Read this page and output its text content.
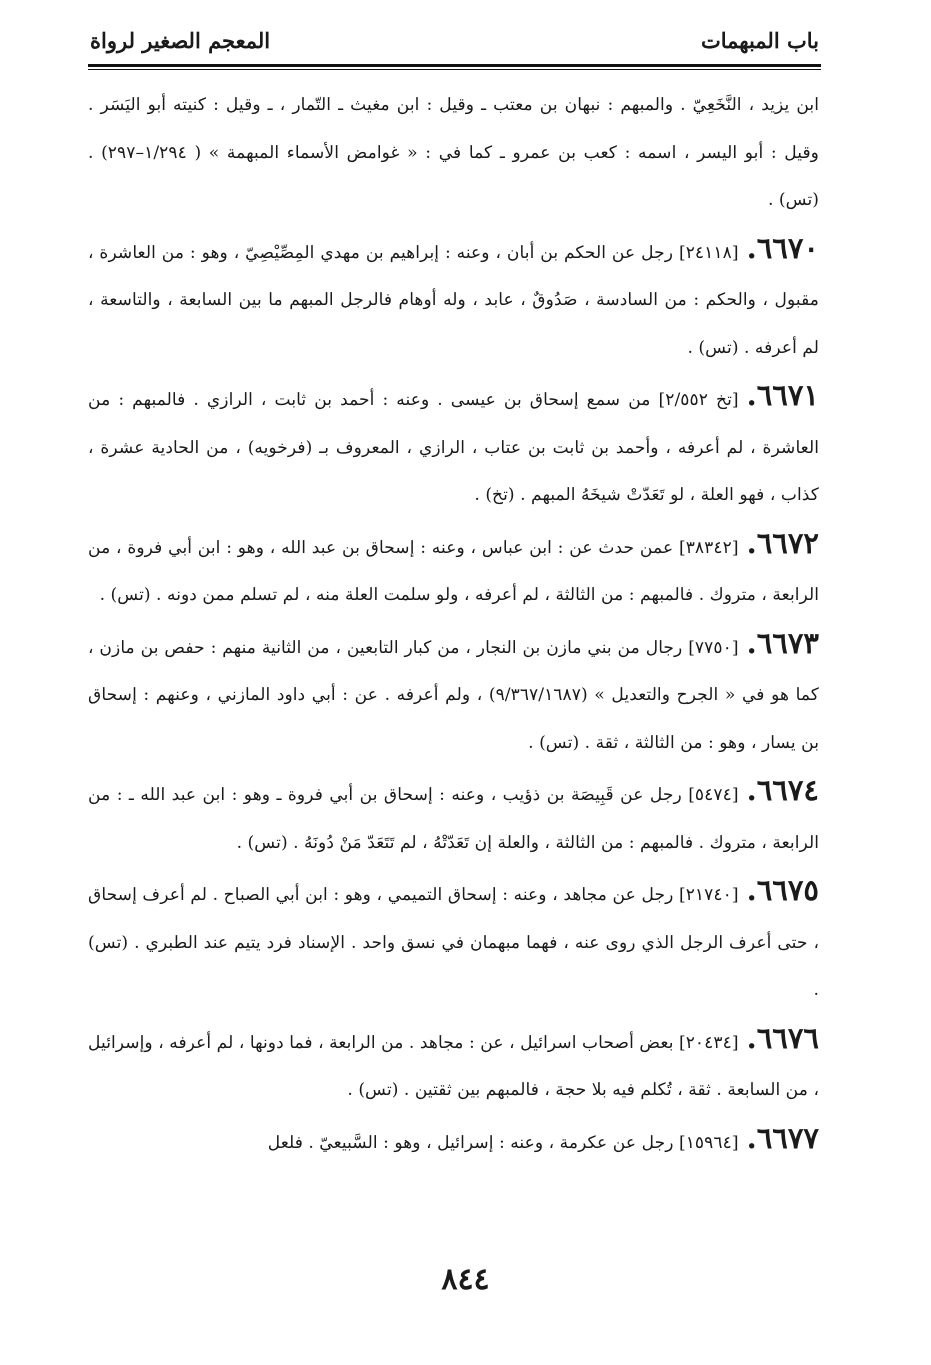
باب المبهمات
المعجم الصغير لرواة

ابن يزيد ، النَّخَعِيّ . والمبهم : نبهان بن معتب ـ وقيل : ابن مغيث ـ التّمار ، ـ وقيل : كنيته أبو اليَسَر . وقيل : أبو اليسر ، اسمه : كعب بن عمرو ـ كما في : « غوامض الأسماء المبهمة » ( ١/٢٩٤–٢٩٧) . (تس) .

٦٦٧٠.[٢٤١١٨] رجل عن الحكم بن أبان ، وعنه : إبراهيم بن مهدي المِصِّيْصِيّ ، وهو : من العاشرة ، مقبول ، والحكم : من السادسة ، صَدُوقٌ ، عابد ، وله أوهام فالرجل المبهم ما بين السابعة ، والتاسعة ، لم أعرفه . (تس) .

٦٦٧١.[تخ ٢/٥٥٢] من سمع إسحاق بن عيسى . وعنه : أحمد بن ثابت ، الرازي . فالمبهم : من العاشرة ، لم أعرفه ، وأحمد بن ثابت بن عتاب ، الرازي ، المعروف بـ (فرخويه) ، من الحادية عشرة ، كذاب ، فهو العلة ، لو تَعَدّتْ شيخَهُ المبهم . (تخ) .

٦٦٧٢.[٣٨٣٤٢] عمن حدث عن : ابن عباس ، وعنه : إسحاق بن عبد الله ، وهو : ابن أبي فروة ، من الرابعة ، متروك . فالمبهم : من الثالثة ، لم أعرفه ، ولو سلمت العلة منه ، لم تسلم ممن دونه . (تس) .

٦٦٧٣.[٧٧٥٠] رجال من بني مازن بن النجار ، من كبار التابعين ، من الثانية منهم : حفص بن مازن ، كما هو في « الجرح والتعديل » (٩/٣٦٧/١٦٨٧) ، ولم أعرفه . عن : أبي داود المازني ، وعنهم : إسحاق بن يسار ، وهو : من الثالثة ، ثقة . (تس) .

٦٦٧٤.[٥٤٧٤] رجل عن قَبِيصَة بن ذؤيب ، وعنه : إسحاق بن أبي فروة ـ وهو : ابن عبد الله ـ : من الرابعة ، متروك . فالمبهم : من الثالثة ، والعلة إن تَعَدّتْهُ ، لم تَتَعَدّ مَنْ دُونَهُ . (تس) .

٦٦٧٥.[٢١٧٤٠] رجل عن مجاهد ، وعنه : إسحاق التميمي ، وهو : ابن أبي الصباح . لم أعرف إسحاق ، حتى أعرف الرجل الذي روى عنه ، فهما مبهمان في نسق واحد . الإسناد فرد يتيم عند الطبري . (تس) .

٦٦٧٦.[٢٠٤٣٤] بعض أصحاب اسرائيل ، عن : مجاهد . من الرابعة ، فما دونها ، لم أعرفه ، وإسرائيل ، من السابعة . ثقة ، تُكلم فيه بلا حجة ، فالمبهم بين ثقتين . (تس) .

٦٦٧٧.[١٥٩٦٤] رجل عن عكرمة ، وعنه : إسرائيل ، وهو : السَّبيعيّ . فلعل

٨٤٤
